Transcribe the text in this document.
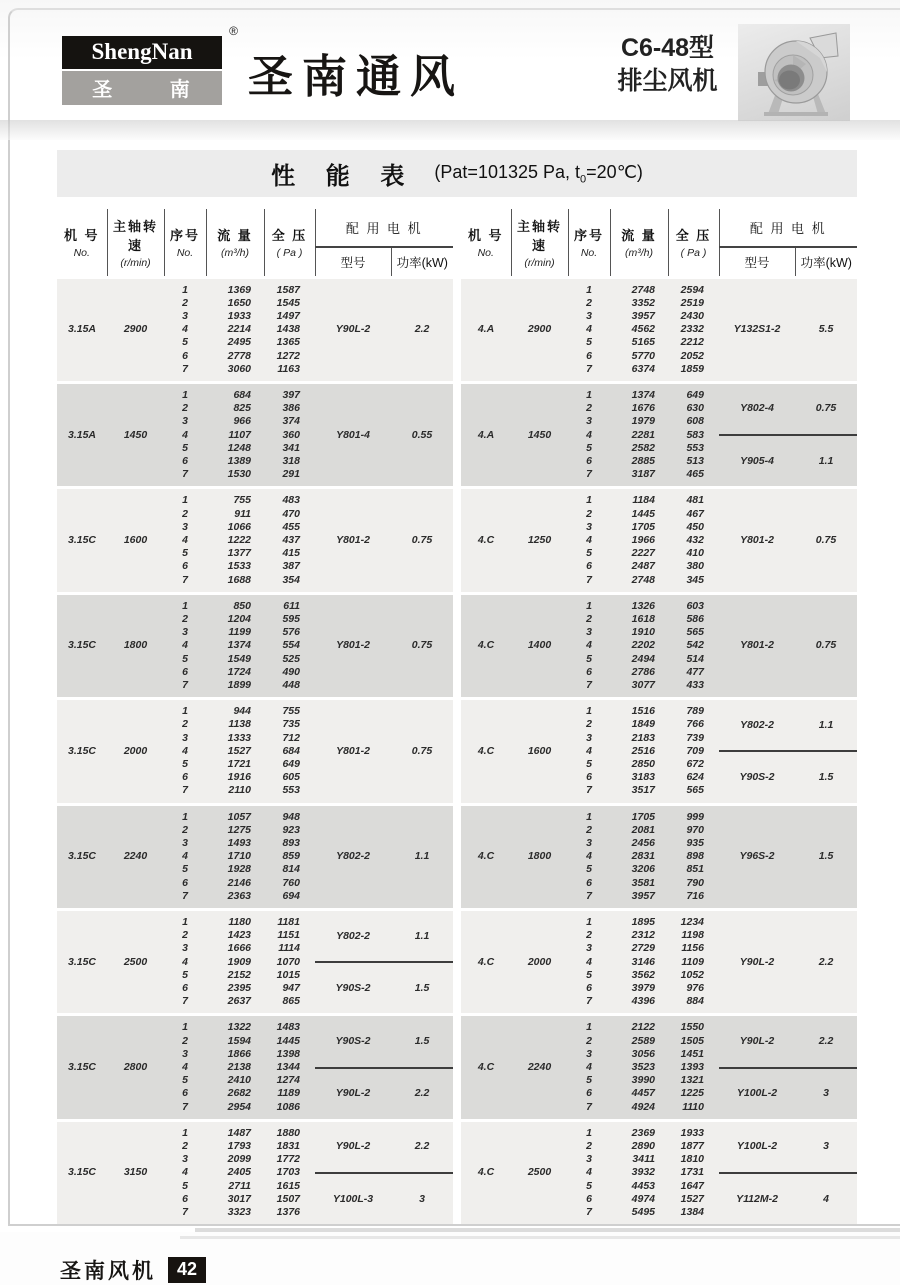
ShengNan
圣 南
®
圣南通风
C6-48型
排尘风机
性 能 表 (Pat=101325 Pa, $t_0=20℃$)
机 号
No.

主轴转速
(r/min)

序号
No.

流 量
(m³/h)

全 压
( Pa )
	配 用 电 机
					型号	功率(kW)
3.15A	2900	1	1369	1587	Y90L-2 2.2	

		2	1650	1545		
		3	1933	1497		
		4	2214	1438		
		5	2495	1365		
		6	2778	1272		
		7	3060	1163		
3.15A	1450	1	684	397	Y801-4 0.55	

		2	825	386		
		3	966	374		
		4	1107	360		
		5	1248	341		
		6	1389	318		
		7	1530	291		
3.15C	1600	1	755	483	Y801-2 0.75	

		2	911	470		
		3	1066	455		
		4	1222	437		
		5	1377	415		
		6	1533	387		
		7	1688	354		
3.15C	1800	1	850	611	Y801-2 0.75	

		2	1204	595		
		3	1199	576		
		4	1374	554		
		5	1549	525		
		6	1724	490		
		7	1899	448		
3.15C	2000	1	944	755	Y801-2 0.75	

		2	1138	735		
		3	1333	712		
		4	1527	684		
		5	1721	649		
		6	1916	605		
		7	2110	553		
3.15C	2240	1	1057	948	Y802-2 1.1	

		2	1275	923		
		3	1493	893		
		4	1710	859		
		5	1928	814		
		6	2146	760		
		7	2363	694		
3.15C	2500	1	1180	1181	Y802-2 1.1
Y90S-2 1.5	

		2	1423	1151		
		3	1666	1114		
		4	1909	1070		
		5	2152	1015		
		6	2395	947		
		7	2637	865		
3.15C	2800	1	1322	1483	Y90S-2 1.5
Y90L-2 2.2	

		2	1594	1445		
		3	1866	1398		
		4	2138	1344		
		5	2410	1274		
		6	2682	1189		
		7	2954	1086		
3.15C	3150	1	1487	1880	Y90L-2 2.2
Y100L-3 3	

		2	1793	1831		
		3	2099	1772		
		4	2405	1703		
		5	2711	1615		
		6	3017	1507		
		7	3323	1376		
机 号
No.

主轴转速
(r/min)

序号
No.

流 量
(m³/h)

全 压
( Pa )
	配 用 电 机
					型号	功率(kW)
4.A	2900	1	2748	2594	Y132S1-2 5.5	

		2	3352	2519		
		3	3957	2430		
		4	4562	2332		
		5	5165	2212		
		6	5770	2052		
		7	6374	1859		
4.A	1450	1	1374	649	Y802-4 0.75
Y905-4 1.1	

		2	1676	630		
		3	1979	608		
		4	2281	583		
		5	2582	553		
		6	2885	513		
		7	3187	465		
4.C	1250	1	1184	481	Y801-2 0.75	

		2	1445	467		
		3	1705	450		
		4	1966	432		
		5	2227	410		
		6	2487	380		
		7	2748	345		
4.C	1400	1	1326	603	Y801-2 0.75	

		2	1618	586		
		3	1910	565		
		4	2202	542		
		5	2494	514		
		6	2786	477		
		7	3077	433		
4.C	1600	1	1516	789	Y802-2 1.1
Y90S-2 1.5	

		2	1849	766		
		3	2183	739		
		4	2516	709		
		5	2850	672		
		6	3183	624		
		7	3517	565		
4.C	1800	1	1705	999	Y96S-2 1.5	

		2	2081	970		
		3	2456	935		
		4	2831	898		
		5	3206	851		
		6	3581	790		
		7	3957	716		
4.C	2000	1	1895	1234	Y90L-2 2.2	

		2	2312	1198		
		3	2729	1156		
		4	3146	1109		
		5	3562	1052		
		6	3979	976		
		7	4396	884		
4.C	2240	1	2122	1550	Y90L-2 2.2
Y100L-2 3	

		2	2589	1505		
		3	3056	1451		
		4	3523	1393		
		5	3990	1321		
		6	4457	1225		
		7	4924	1110		
4.C	2500	1	2369	1933	Y100L-2 3
Y112M-2 4	

		2	2890	1877		
		3	3411	1810		
		4	3932	1731		
		5	4453	1647		
		6	4974	1527		
		7	5495	1384		
圣南风机	42
